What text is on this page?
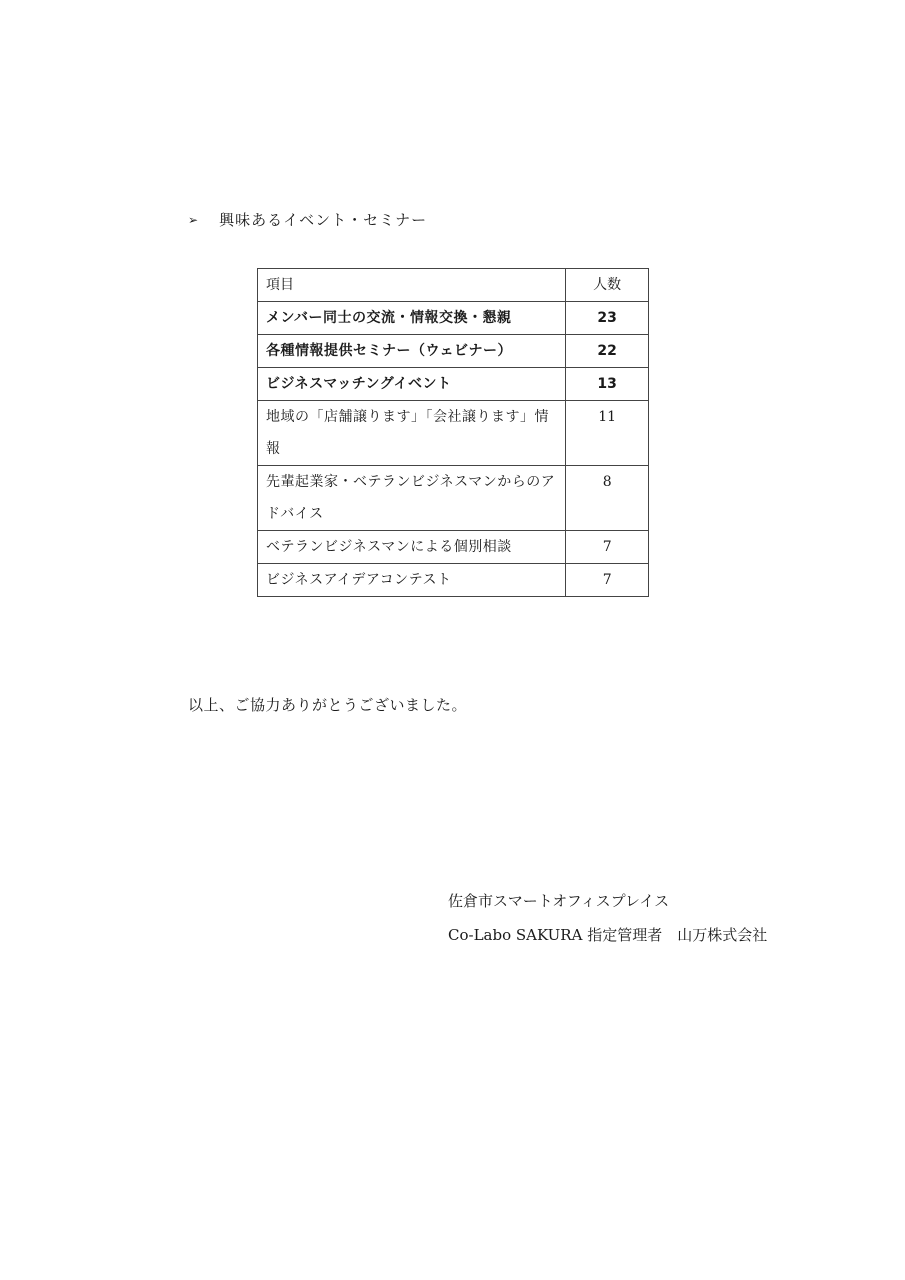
➢ 興味あるイベント・セミナー
項目	人数
メンバー同士の交流・情報交換・懇親	23
各種情報提供セミナー（ウェビナー）	22
ビジネスマッチングイベント	13
地域の「店舗譲ります」「会社譲ります」情報	11
先輩起業家・ベテランビジネスマンからのアドバイス	8
ベテランビジネスマンによる個別相談	7
ビジネスアイデアコンテスト	7
以上、ご協力ありがとうございました。
佐倉市スマートオフィスプレイス
Co-Labo SAKURA 指定管理者　山万株式会社
